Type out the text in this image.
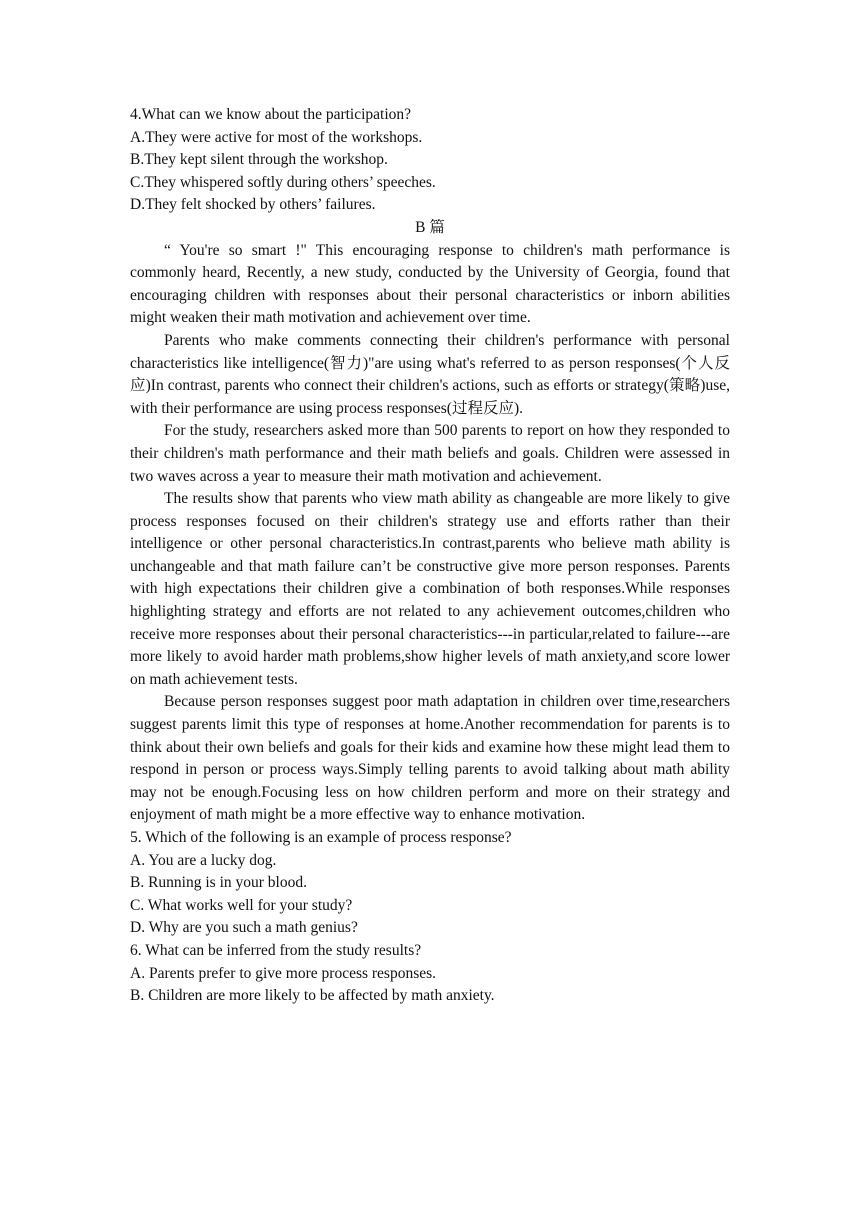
4.What can we know about the participation?

A.They were active for most of the workshops.

B.They kept silent through the workshop.

C.They whispered softly during others’ speeches.

D.They felt shocked by others’ failures.

B 篇

“ You're so smart !" This encouraging response to children's math performance is commonly heard, Recently, a new study, conducted by the University of Georgia, found that encouraging children with responses about their personal characteristics or inborn abilities might weaken their math motivation and achievement over time.

Parents who make comments connecting their children's performance with personal characteristics like intelligence(智力)"are using what's referred to as person responses(个人反应)In contrast, parents who connect their children's actions, such as efforts or strategy(策略)use, with their performance are using process responses(过程反应).

For the study, researchers asked more than 500 parents to report on how they responded to their children's math performance and their math beliefs and goals. Children were assessed in two waves across a year to measure their math motivation and achievement.

The results show that parents who view math ability as changeable are more likely to give process responses focused on their children's strategy use and efforts rather than their intelligence or other personal characteristics.In contrast,parents who believe math ability is unchangeable and that math failure can’t be constructive give more person responses. Parents with high expectations their children give a combination of both responses.While responses highlighting strategy and efforts are not related to any achievement outcomes,children who receive more responses about their personal characteristics---in particular,related to failure---are more likely to avoid harder math problems,show higher levels of math anxiety,and score lower on math achievement tests.

Because person responses suggest poor math adaptation in children over time,researchers suggest parents limit this type of responses at home.Another recommendation for parents is to think about their own beliefs and goals for their kids and examine how these might lead them to respond in person or process ways.Simply telling parents to avoid talking about math ability may not be enough.Focusing less on how children perform and more on their strategy and enjoyment of math might be a more effective way to enhance motivation.

5. Which of the following is an example of process response?

A. You are a lucky dog.

B. Running is in your blood.

C. What works well for your study?

D. Why are you such a math genius?

6. What can be inferred from the study results?

A. Parents prefer to give more process responses.

B. Children are more likely to be affected by math anxiety.
